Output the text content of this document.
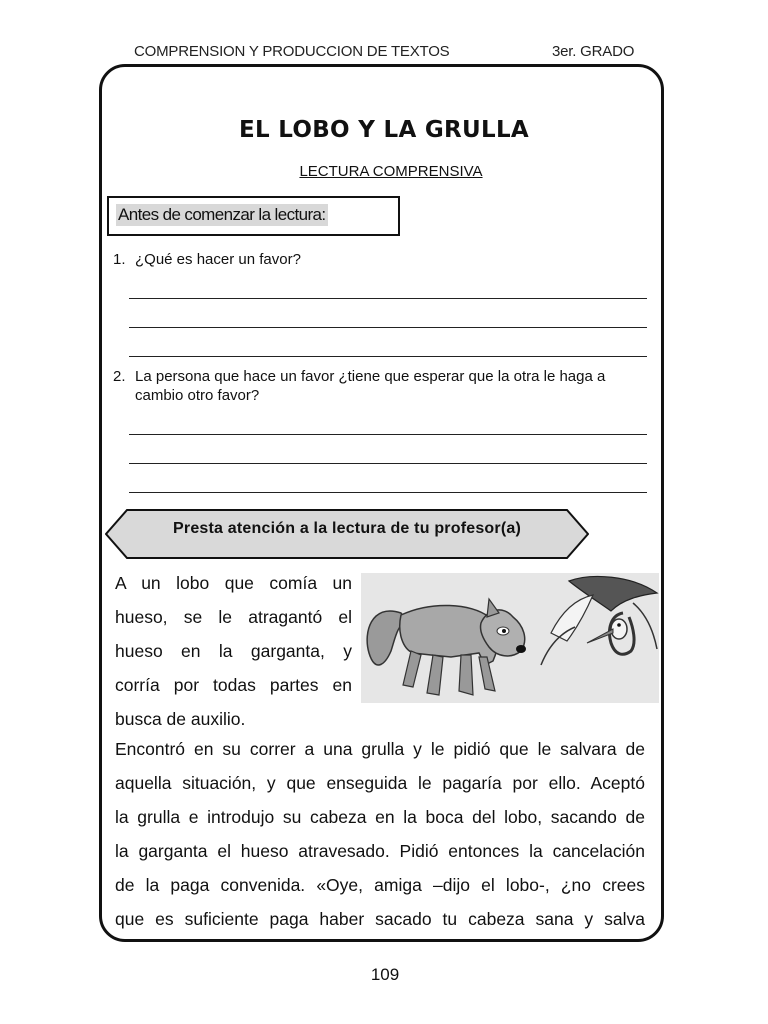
COMPRENSION Y PRODUCCION DE TEXTOS	3er. GRADO
EL LOBO Y LA GRULLA
LECTURA COMPRENSIVA
Antes de comenzar la lectura:
1. ¿Qué es hacer un favor?
2. La persona que hace un favor ¿tiene que esperar que la otra le haga a cambio otro favor?
Presta atención a la lectura de tu profesor(a)
A un lobo que comía un
hueso, se le atragantó el
hueso en la garganta, y
corría por todas partes en
busca de auxilio.
Encontró en su correr a una grulla y le pidió que le salvara de
aquella situación, y que enseguida le pagaría por ello. Aceptó
la grulla e introdujo su cabeza en la boca del lobo, sacando de
la garganta el hueso atravesado. Pidió entonces la cancelación
de la paga convenida. «Oye, amiga –dijo el lobo-, ¿no crees
que es suficiente paga haber sacado tu cabeza sana y salva
109
